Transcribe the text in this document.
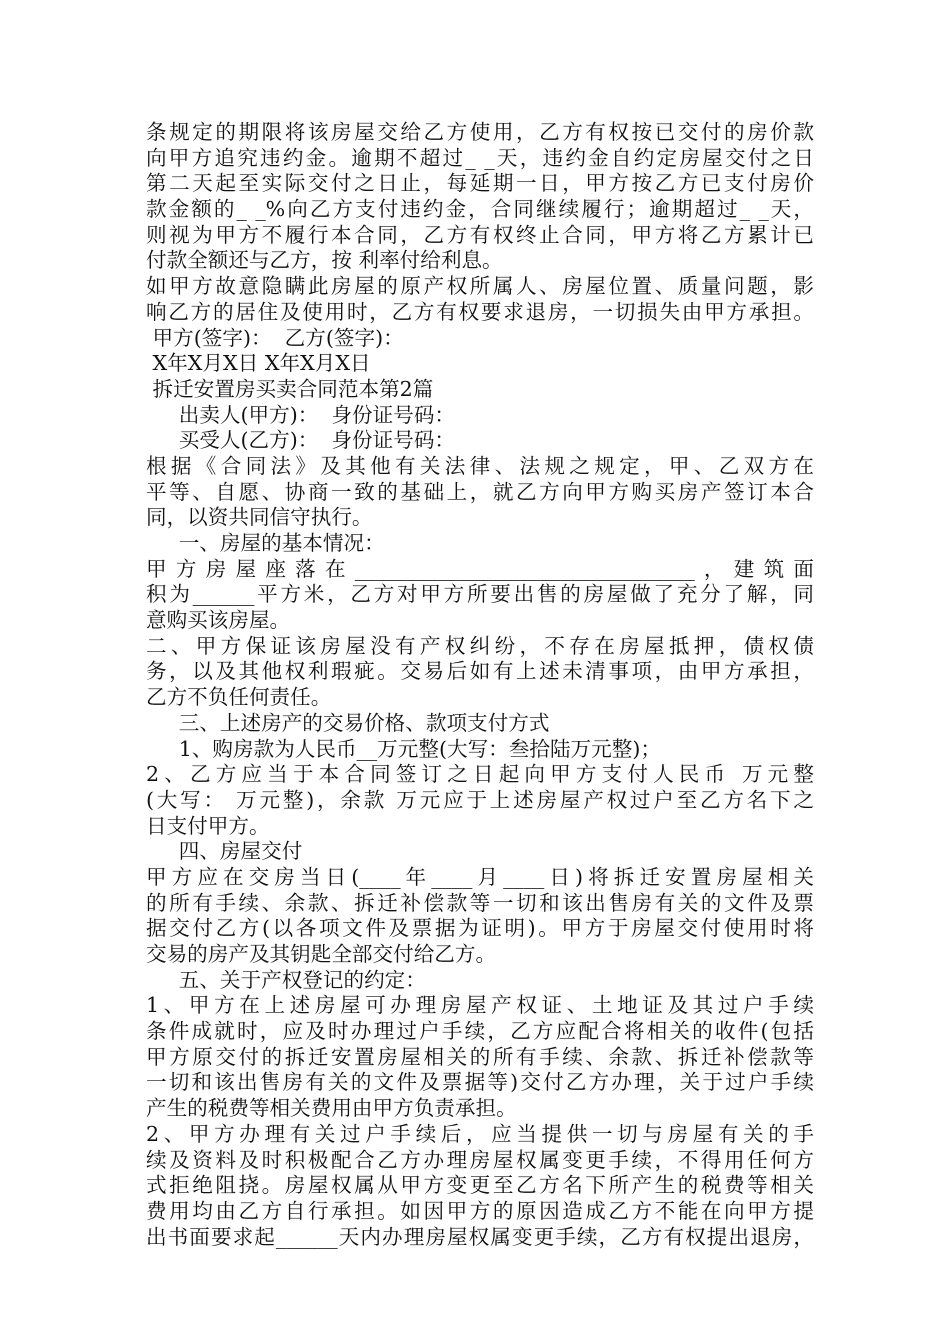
条规定的期限将该房屋交给乙方使用，乙方有权按已交付的房价款
向甲方追究违约金。逾期不超过_ _天，违约金自约定房屋交付之日
第二天起至实际交付之日止，每延期一日，甲方按乙方已支付房价
款金额的_ _%向乙方支付违约金，合同继续履行；逾期超过_ _天，
则视为甲方不履行本合同，乙方有权终止合同，甲方将乙方累计已
付款全额还与乙方，按 利率付给利息。
如甲方故意隐瞒此房屋的原产权所属人、房屋位置、质量问题，影
响乙方的居住及使用时，乙方有权要求退房，一切损失由甲方承担。
甲方(签字)：  乙方(签字)：
X年X月X日 X年X月X日
拆迁安置房买卖合同范本第2篇
出卖人(甲方)：  身份证号码：
买受人(乙方)：  身份证号码：
根据《合同法》及其他有关法律、法规之规定，甲、乙双方在
平等、自愿、协商一致的基础上，就乙方向甲方购买房产签订本合
同，以资共同信守执行。
一、房屋的基本情况：
甲方房屋座落在_________________________________，建筑面
积为______平方米，乙方对甲方所要出售的房屋做了充分了解，同
意购买该房屋。
二、甲方保证该房屋没有产权纠纷，不存在房屋抵押，债权债
务，以及其他权利瑕疵。交易后如有上述未清事项，由甲方承担，
乙方不负任何责任。
三、上述房产的交易价格、款项支付方式
1、购房款为人民币__万元整(大写：叁拾陆万元整)；
2、乙方应当于本合同签订之日起向甲方支付人民币 万元整
(大写： 万元整)，余款 万元应于上述房屋产权过户至乙方名下之
日支付甲方。
四、房屋交付
甲方应在交房当日(____年____月____日)将拆迁安置房屋相关
的所有手续、余款、拆迁补偿款等一切和该出售房有关的文件及票
据交付乙方(以各项文件及票据为证明)。甲方于房屋交付使用时将
交易的房产及其钥匙全部交付给乙方。
五、关于产权登记的约定：
1、甲方在上述房屋可办理房屋产权证、土地证及其过户手续
条件成就时，应及时办理过户手续，乙方应配合将相关的收件(包括
甲方原交付的拆迁安置房屋相关的所有手续、余款、拆迁补偿款等
一切和该出售房有关的文件及票据等)交付乙方办理，关于过户手续
产生的税费等相关费用由甲方负责承担。
2、甲方办理有关过户手续后，应当提供一切与房屋有关的手
续及资料及时积极配合乙方办理房屋权属变更手续，不得用任何方
式拒绝阻挠。房屋权属从甲方变更至乙方名下所产生的税费等相关
费用均由乙方自行承担。如因甲方的原因造成乙方不能在向甲方提
出书面要求起______天内办理房屋权属变更手续，乙方有权提出退房，
